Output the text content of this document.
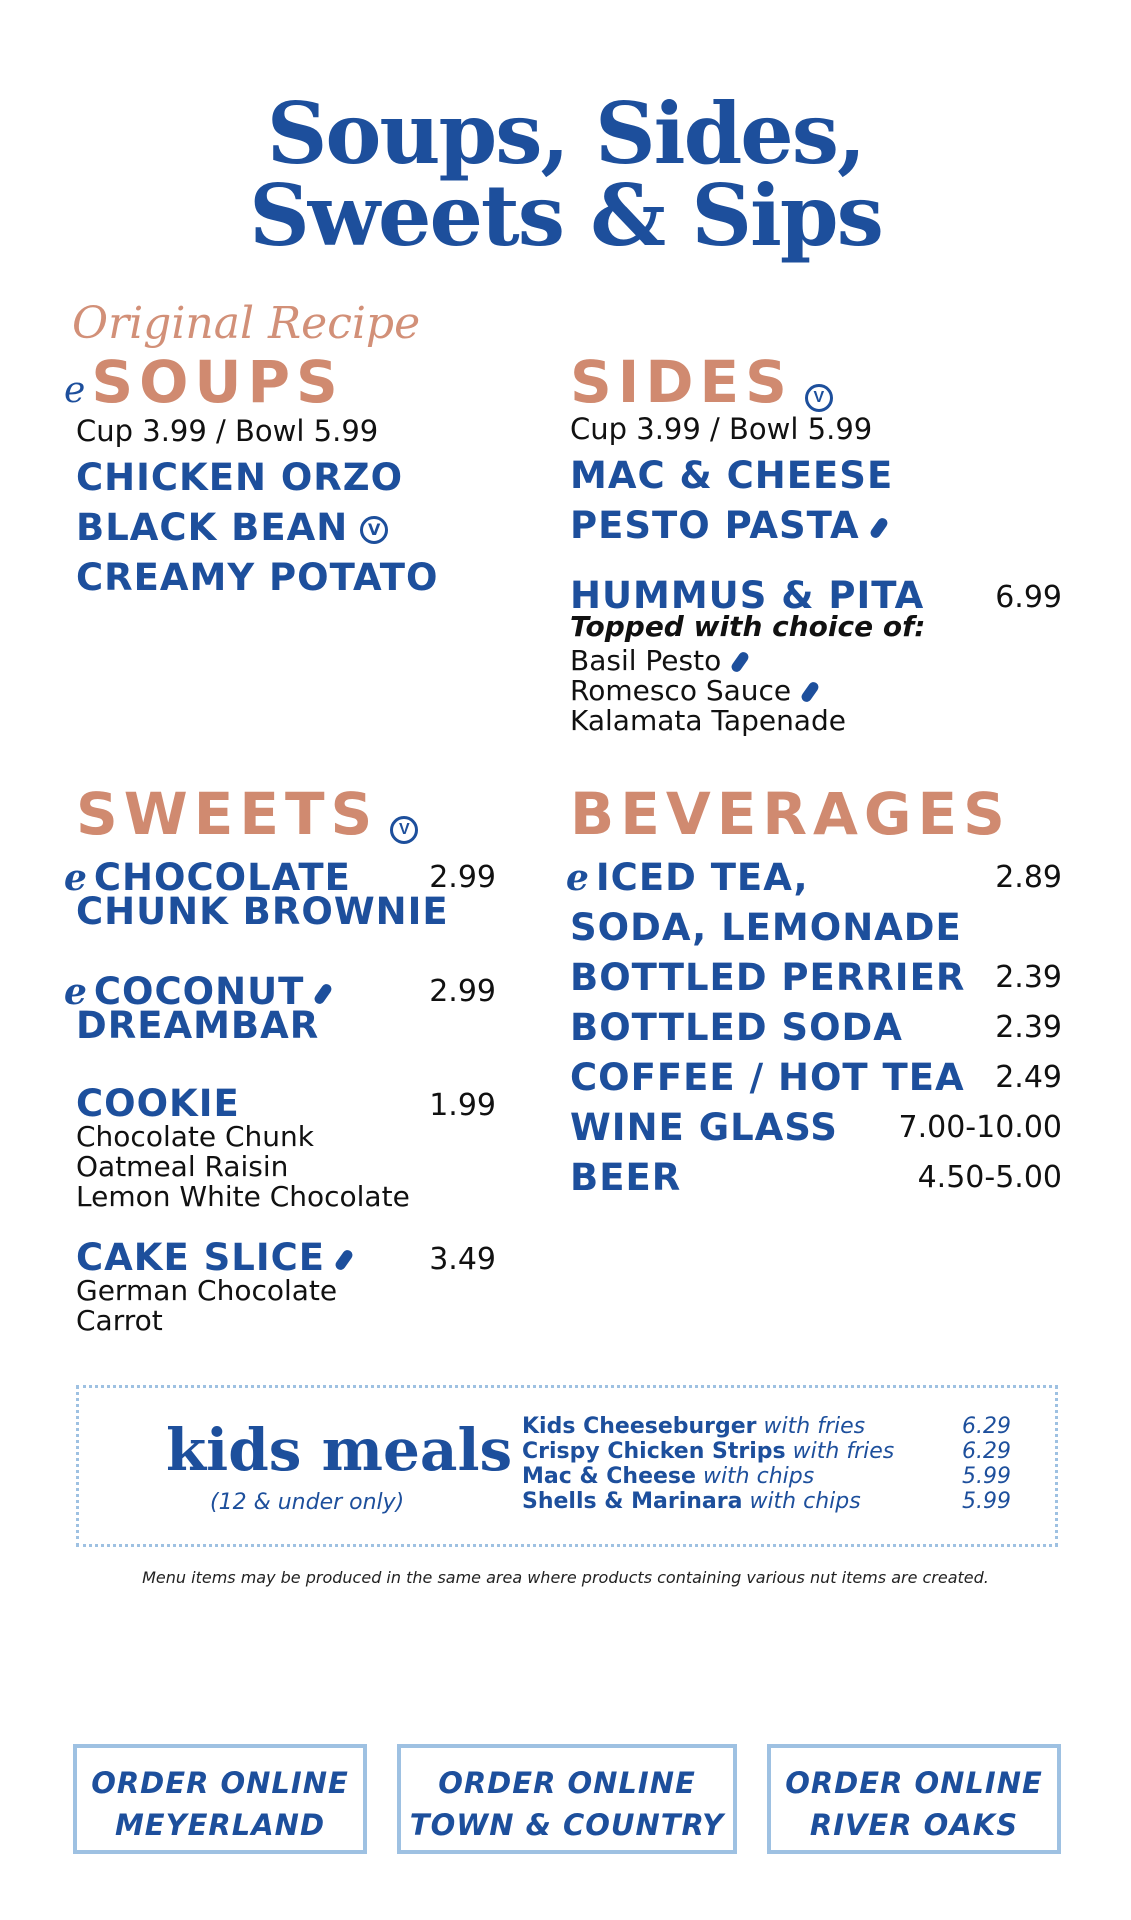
Soups, Sides,
Sweets & Sips
Original Recipe
e SOUPS
Cup 3.99 / Bowl 5.99
CHICKEN ORZO
BLACK BEAN V
CREAMY POTATO
SIDES V
Cup 3.99 / Bowl 5.99
MAC & CHEESE
PESTO PASTA
HUMMUS & PITA	6.99
Topped with choice of:
Basil Pesto
Romesco Sauce
Kalamata Tapenade
SWEETS V
e CHOCOLATE
CHUNK BROWNIE
2.99
e COCONUT
DREAMBAR
2.99
COOKIE	1.99
Chocolate Chunk
Oatmeal Raisin
Lemon White Chocolate
CAKE SLICE	3.49
German Chocolate
Carrot
BEVERAGES
e ICED TEA,	2.89
SODA, LEMONADE
BOTTLED PERRIER 2.39
BOTTLED SODA	2.39
COFFEE / HOT TEA	2.49
WINE GLASS	7.00-10.00
BEER	4.50-5.00
kids meals
(12 & under only)
Kids Cheeseburger with fries	6.29
Crispy Chicken Strips with fries	6.29
Mac & Cheese with chips	5.99
Shells & Marinara with chips	5.99
Menu items may be produced in the same area where products containing various nut items are created.
ORDER ONLINE
MEYERLAND
ORDER ONLINE
TOWN & COUNTRY
ORDER ONLINE
RIVER OAKS
